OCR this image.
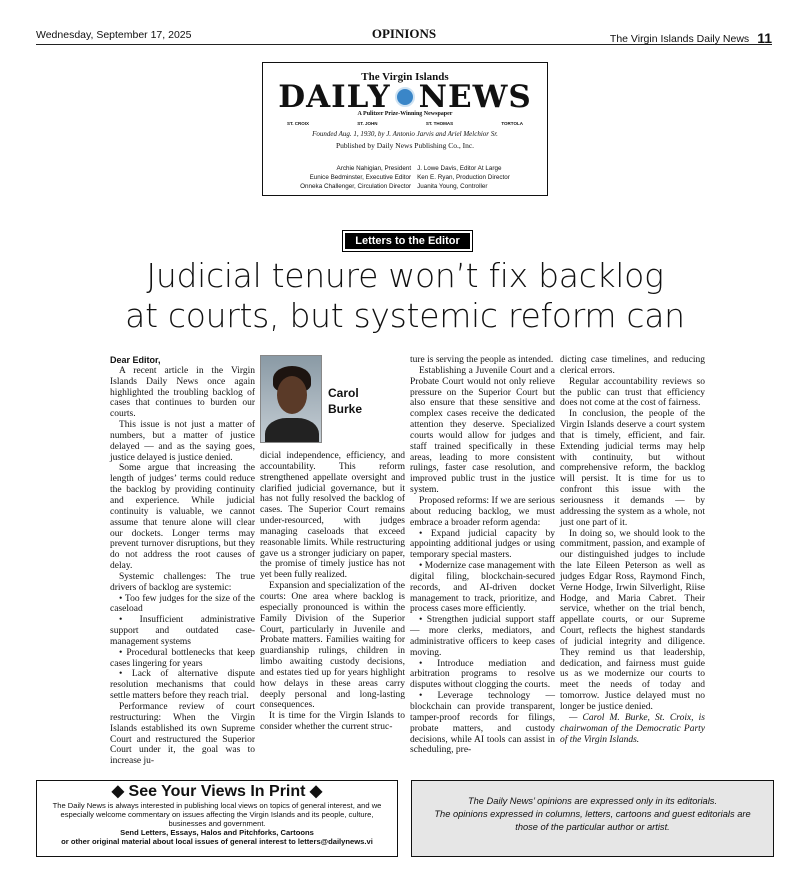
Wednesday, September 17, 2025	OPINIONS	The Virgin Islands Daily News 11
The Virgin Islands
DAILY NEWS
A Pulitzer Prize-Winning Newspaper
ST. CROIX	ST. JOHN	ST. THOMAS	TORTOLA
Founded Aug. 1, 1930, by J. Antonio Jarvis and Ariel Melchior Sr.
Published by Daily News Publishing Co., Inc.
Archie Nahigian, President
Eunice Bedminster, Executive Editor
Onneka Challenger, Circulation Director
J. Lowe Davis, Editor At Large
Ken E. Ryan, Production Director
Juanita Young, Controller
Letters to the Editor
Judicial tenure won’t fix backlog
at courts, but systemic reform can

Dear Editor,

A recent article in the Virgin Islands Daily News once again highlighted the troubling backlog of cases that continues to burden our courts.

This issue is not just a matter of numbers, but a matter of justice delayed — and as the saying goes, justice delayed is justice denied.

Some argue that increasing the length of judges’ terms could reduce the backlog by providing continuity and experience. While judicial continuity is valuable, we cannot assume that tenure alone will clear our dockets. Longer terms may prevent turnover disruptions, but they do not address the root causes of delay.

Systemic challenges: The true drivers of backlog are systemic:

• Too few judges for the size of the caseload

• Insufficient administrative support and outdated case-management systems

• Procedural bottlenecks that keep cases lingering for years

• Lack of alternative dispute resolution mechanisms that could settle matters before they reach trial.

Performance review of court restructuring: When the Virgin Islands established its own Supreme Court and restructured the Superior Court under it, the goal was to increase ju-

Carol
Burke

dicial independence, efficiency, and accountability. This reform strengthened appellate oversight and clarified judicial governance, but it has not fully resolved the backlog of cases. The Superior Court remains under-resourced, with judges managing caseloads that exceed reasonable limits. While restructuring gave us a stronger judiciary on paper, the promise of timely justice has not yet been fully realized.

Expansion and specialization of the courts: One area where backlog is especially pronounced is within the Family Division of the Superior Court, particularly in Juvenile and Probate matters. Families waiting for guardianship rulings, children in limbo awaiting custody decisions, and estates tied up for years highlight how delays in these areas carry deeply personal and long-lasting consequences.

It is time for the Virgin Islands to consider whether the current struc-

ture is serving the people as intended.

Establishing a Juvenile Court and a Probate Court would not only relieve pressure on the Superior Court but also ensure that these sensitive and complex cases receive the dedicated attention they deserve. Specialized courts would allow for judges and staff trained specifically in these areas, leading to more consistent rulings, faster case resolution, and improved public trust in the justice system.

Proposed reforms: If we are serious about reducing backlog, we must embrace a broader reform agenda:

• Expand judicial capacity by appointing additional judges or using temporary special masters.

• Modernize case management with digital filing, blockchain-secured records, and AI-driven docket management to track, prioritize, and process cases more efficiently.

• Strengthen judicial support staff — more clerks, mediators, and administrative officers to keep cases moving.

• Introduce mediation and arbitration programs to resolve disputes without clogging the courts.

• Leverage technology — blockchain can provide transparent, tamper-proof records for filings, probate matters, and custody decisions, while AI tools can assist in scheduling, pre-

dicting case timelines, and reducing clerical errors.

Regular accountability reviews so the public can trust that efficiency does not come at the cost of fairness.

In conclusion, the people of the Virgin Islands deserve a court system that is timely, efficient, and fair. Extending judicial terms may help with continuity, but without comprehensive reform, the backlog will persist. It is time for us to confront this issue with the seriousness it demands — by addressing the system as a whole, not just one part of it.

In doing so, we should look to the commitment, passion, and example of our distinguished judges to include the late Eileen Peterson as well as judges Edgar Ross, Raymond Finch, Verne Hodge, Irwin Silverlight, Riise Hodge, and Maria Cabret. Their service, whether on the trial bench, appellate courts, or our Supreme Court, reflects the highest standards of judicial integrity and diligence. They remind us that leadership, dedication, and fairness must guide us as we modernize our courts to meet the needs of today and tomorrow. Justice delayed must no longer be justice denied.

— Carol M. Burke, St. Croix, is chairwoman of the Democratic Party of the Virgin Islands.

◆ See Your Views In Print ◆
The Daily News is always interested in publishing local views on topics of general interest, and we especially welcome commentary on issues affecting the Virgin Islands and its people, culture, businesses and government.
Send Letters, Essays, Halos and Pitchforks, Cartoons
or other original material about local issues of general interest to letters@dailynews.vi
The Daily News’ opinions are expressed only in its editorials.
The opinions expressed in columns, letters, cartoons and guest editorials are those of the particular author or artist.
